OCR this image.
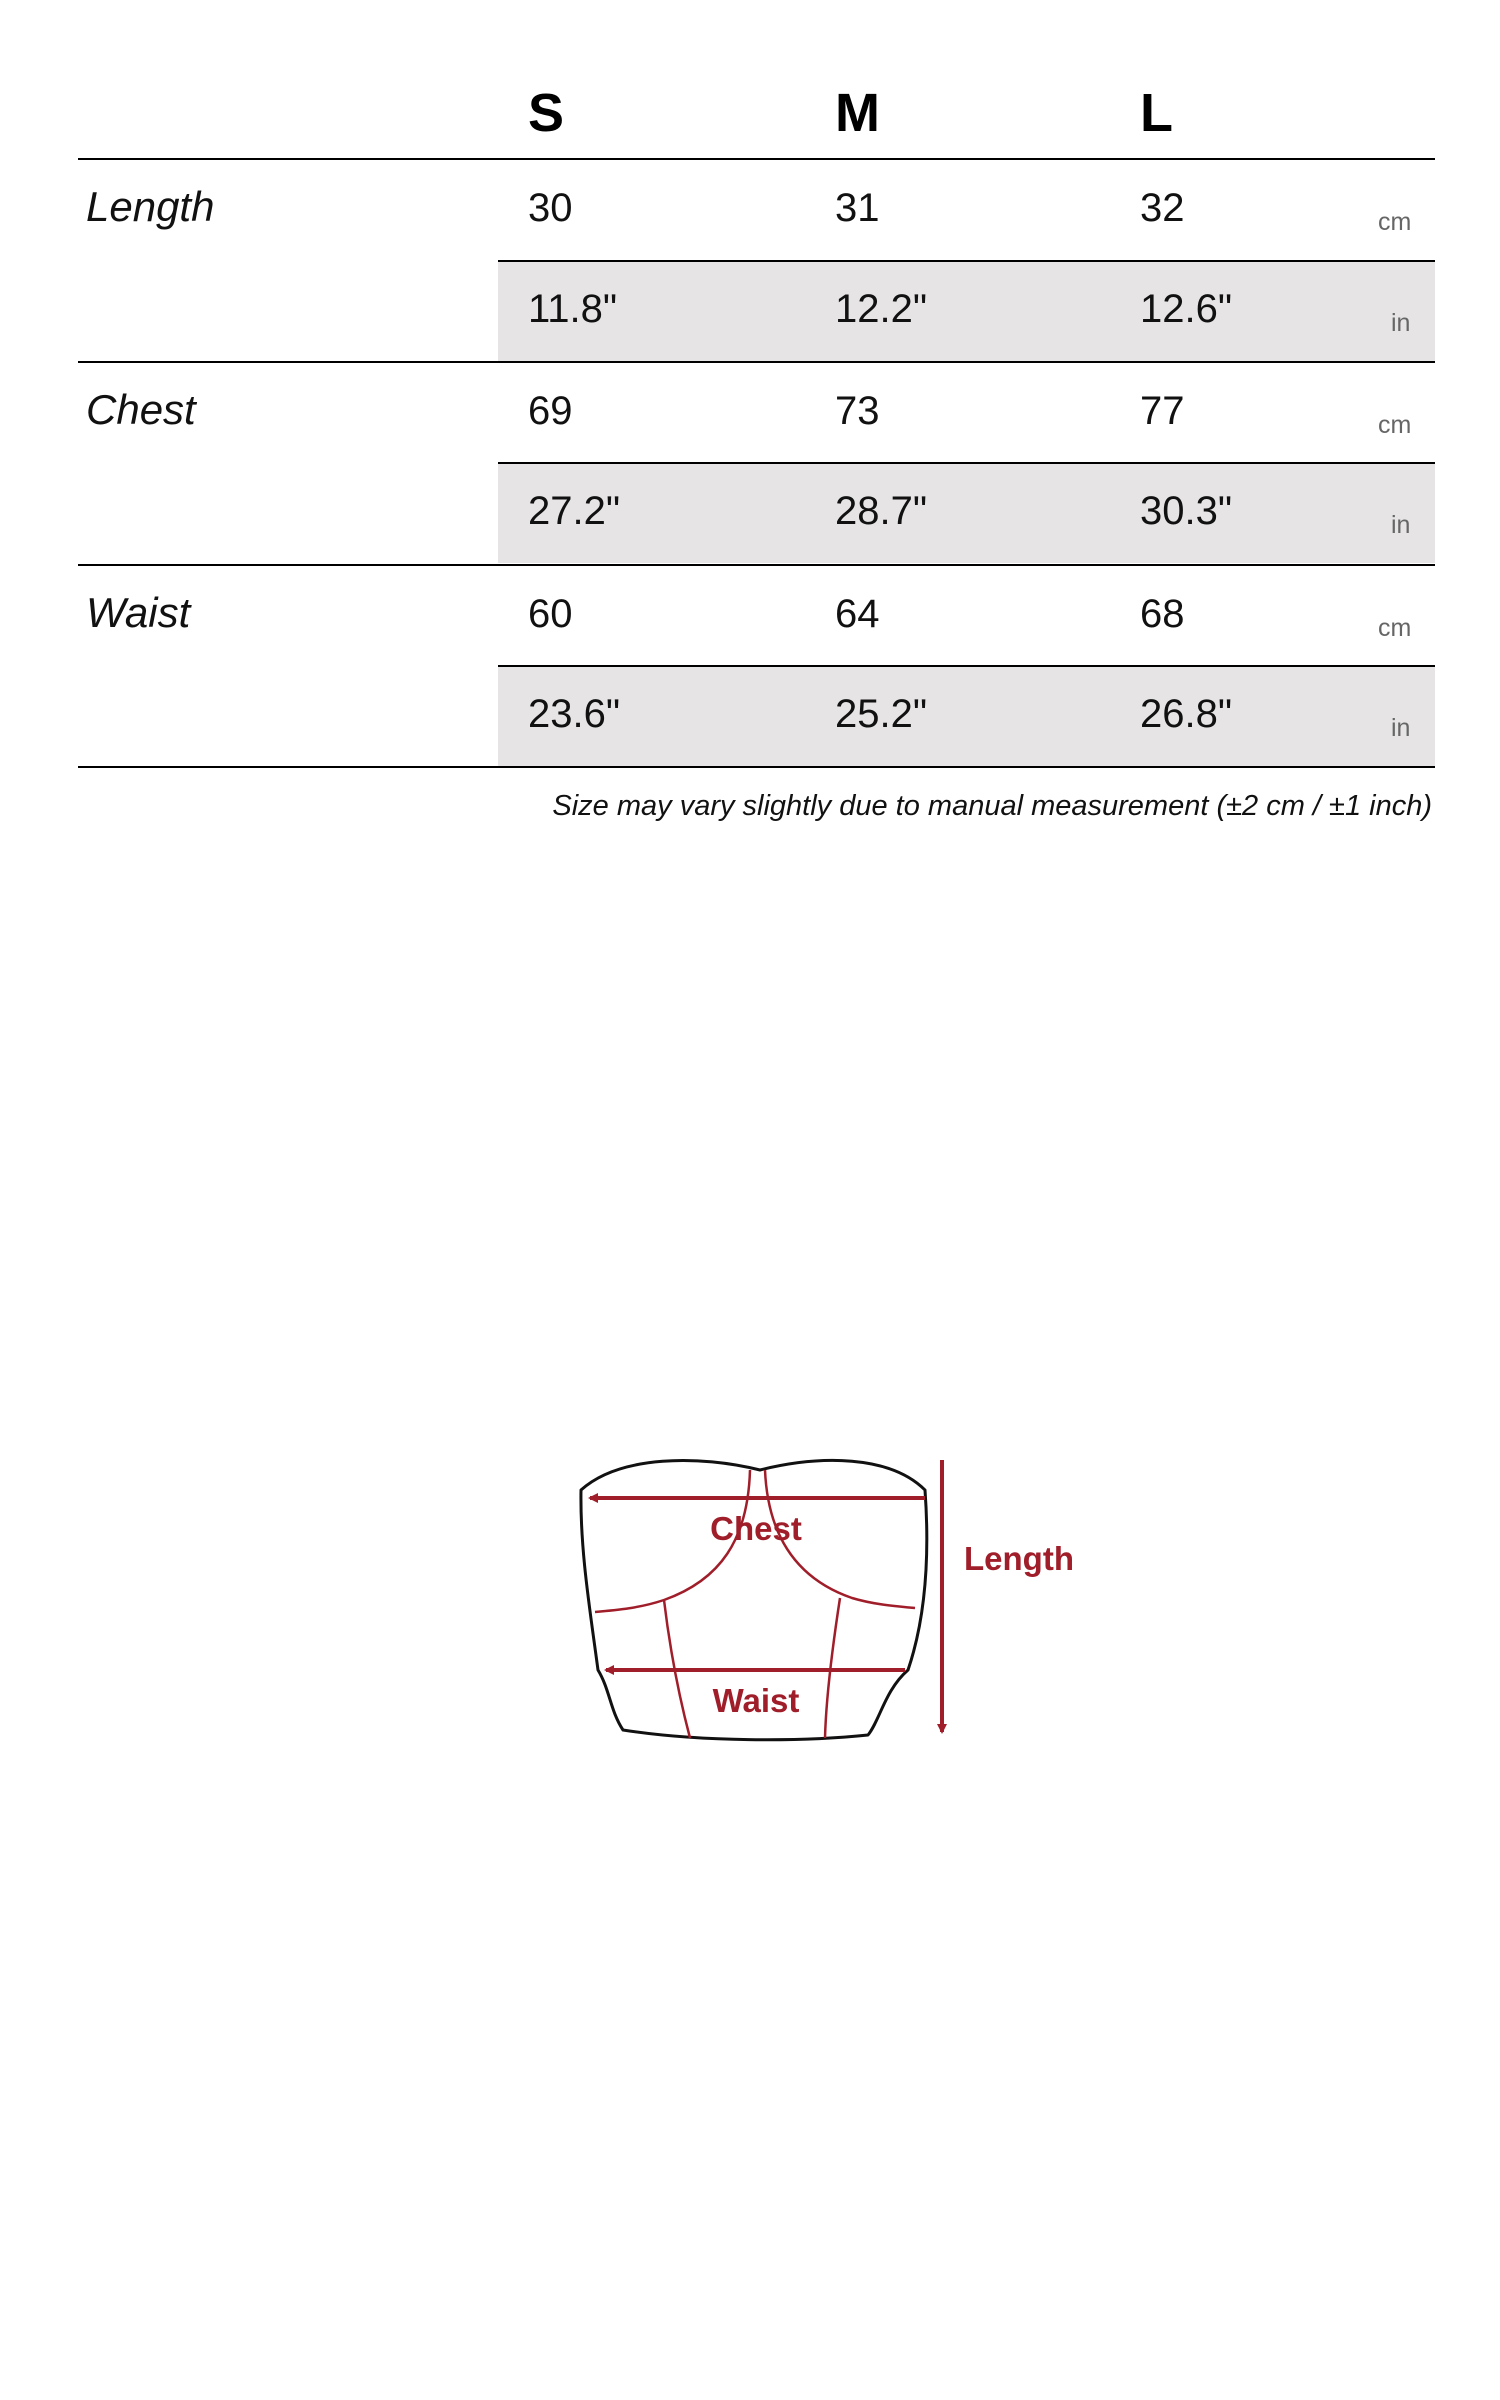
S	M	L
Length	30	31	32	cm
11.8"	12.2"	12.6"	in
Chest	69	73	77	cm
27.2"	28.7"	30.3"	in
Waist	60	64	68	cm
23.6"	25.2"	26.8"	in
Size may vary slightly due to manual measurement (±2 cm / ±1 inch)
Chest
Waist
Length
